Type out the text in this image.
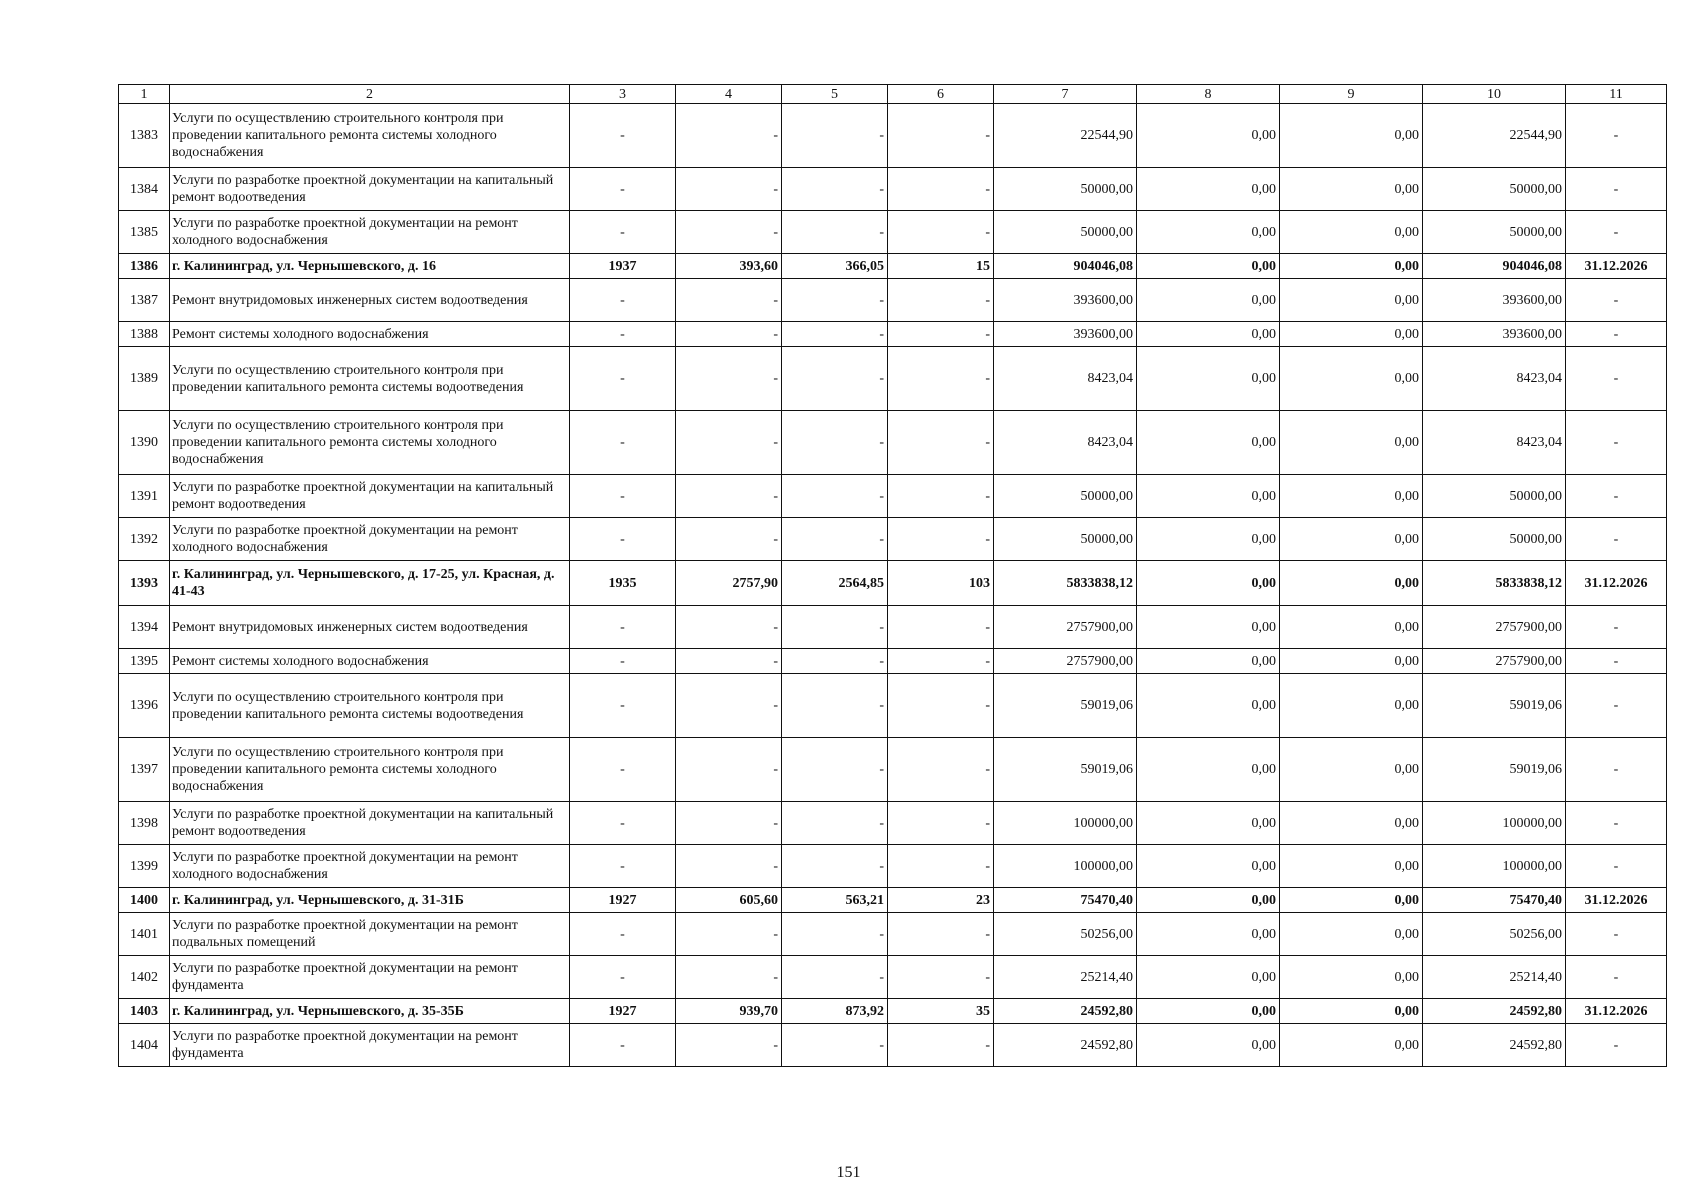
1	2	3	4	5	6	7	8	9	10	11
1383	Услуги по осуществлению строительного контроля при проведении капитального ремонта системы холодного водоснабжения	-	-	-	-	22544,90	0,00	0,00	22544,90	-
1384	Услуги по разработке проектной документации на капитальный ремонт водоотведения	-	-	-	-	50000,00	0,00	0,00	50000,00	-
1385	Услуги по разработке проектной документации на ремонт холодного водоснабжения	-	-	-	-	50000,00	0,00	0,00	50000,00	-
1386	г. Калининград, ул. Чернышевского, д. 16	1937	393,60	366,05	15	904046,08	0,00	0,00	904046,08	31.12.2026
1387	Ремонт внутридомовых инженерных систем водоотведения	-	-	-	-	393600,00	0,00	0,00	393600,00	-
1388	Ремонт системы холодного водоснабжения	-	-	-	-	393600,00	0,00	0,00	393600,00	-
1389	Услуги по осуществлению строительного контроля при проведении капитального ремонта системы водоотведения	-	-	-	-	8423,04	0,00	0,00	8423,04	-
1390	Услуги по осуществлению строительного контроля при проведении капитального ремонта системы холодного водоснабжения	-	-	-	-	8423,04	0,00	0,00	8423,04	-
1391	Услуги по разработке проектной документации на капитальный ремонт водоотведения	-	-	-	-	50000,00	0,00	0,00	50000,00	-
1392	Услуги по разработке проектной документации на ремонт холодного водоснабжения	-	-	-	-	50000,00	0,00	0,00	50000,00	-
1393	г. Калининград, ул. Чернышевского, д. 17-25, ул. Красная, д. 41-43	1935	2757,90	2564,85	103	5833838,12	0,00	0,00	5833838,12	31.12.2026
1394	Ремонт внутридомовых инженерных систем водоотведения	-	-	-	-	2757900,00	0,00	0,00	2757900,00	-
1395	Ремонт системы холодного водоснабжения	-	-	-	-	2757900,00	0,00	0,00	2757900,00	-
1396	Услуги по осуществлению строительного контроля при проведении капитального ремонта системы водоотведения	-	-	-	-	59019,06	0,00	0,00	59019,06	-
1397	Услуги по осуществлению строительного контроля при проведении капитального ремонта системы холодного водоснабжения	-	-	-	-	59019,06	0,00	0,00	59019,06	-
1398	Услуги по разработке проектной документации на капитальный ремонт водоотведения	-	-	-	-	100000,00	0,00	0,00	100000,00	-
1399	Услуги по разработке проектной документации на ремонт холодного водоснабжения	-	-	-	-	100000,00	0,00	0,00	100000,00	-
1400	г. Калининград, ул. Чернышевского, д. 31-31Б	1927	605,60	563,21	23	75470,40	0,00	0,00	75470,40	31.12.2026
1401	Услуги по разработке проектной документации на ремонт подвальных помещений	-	-	-	-	50256,00	0,00	0,00	50256,00	-
1402	Услуги по разработке проектной документации на ремонт фундамента	-	-	-	-	25214,40	0,00	0,00	25214,40	-
1403	г. Калининград, ул. Чернышевского, д. 35-35Б	1927	939,70	873,92	35	24592,80	0,00	0,00	24592,80	31.12.2026
1404	Услуги по разработке проектной документации на ремонт фундамента	-	-	-	-	24592,80	0,00	0,00	24592,80	-
151
